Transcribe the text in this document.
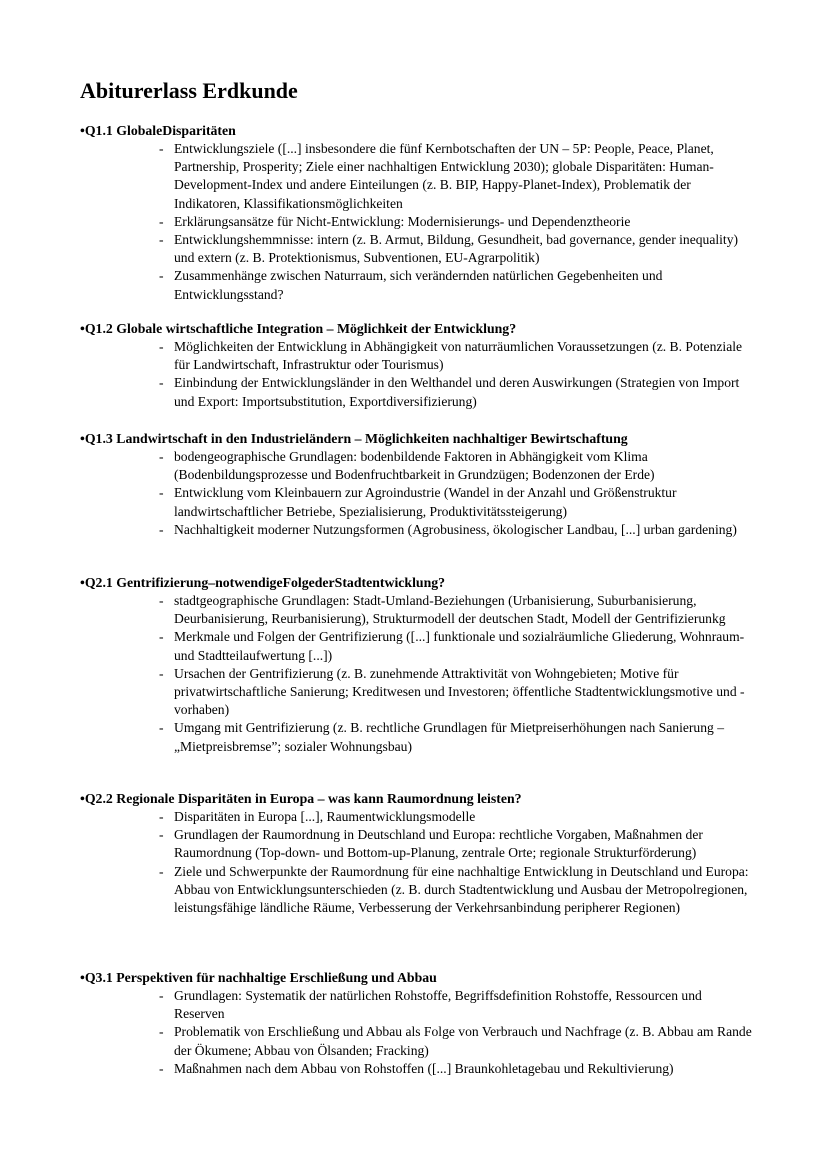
Abiturerlass Erdkunde
•Q1.1 GlobaleDisparitäten
- Entwicklungsziele ([...] insbesondere die fünf Kernbotschaften der UN – 5P: People, Peace, Planet, Partnership, Prosperity; Ziele einer nachhaltigen Entwicklung 2030); globale Disparitäten: Human-Development-Index und andere Einteilungen (z. B. BIP, Happy-Planet-Index), Problematik der Indikatoren, Klassifikationsmöglichkeiten
- Erklärungsansätze für Nicht-Entwicklung: Modernisierungs- und Dependenztheorie
- Entwicklungshemmnisse: intern (z. B. Armut, Bildung, Gesundheit, bad governance, gender inequality) und extern (z. B. Protektionismus, Subventionen, EU-Agrarpolitik)
- Zusammenhänge zwischen Naturraum, sich verändernden natürlichen Gegebenheiten und Entwicklungsstand?
•Q1.2 Globale wirtschaftliche Integration – Möglichkeit der Entwicklung?
- Möglichkeiten der Entwicklung in Abhängigkeit von naturräumlichen Voraussetzungen (z. B. Potenziale für Landwirtschaft, Infrastruktur oder Tourismus)
- Einbindung der Entwicklungsländer in den Welthandel und deren Auswirkungen (Strategien von Import und Export: Importsubstitution, Exportdiversifizierung)
•Q1.3 Landwirtschaft in den Industrieländern – Möglichkeiten nachhaltiger Bewirtschaftung
- bodengeographische Grundlagen: bodenbildende Faktoren in Abhängigkeit vom Klima (Bodenbildungsprozesse und Bodenfruchtbarkeit in Grundzügen; Bodenzonen der Erde)
- Entwicklung vom Kleinbauern zur Agroindustrie (Wandel in der Anzahl und Größenstruktur landwirtschaftlicher Betriebe, Spezialisierung, Produktivitätssteigerung)
- Nachhaltigkeit moderner Nutzungsformen (Agrobusiness, ökologischer Landbau, [...] urban gardening)
•Q2.1 Gentrifizierung–notwendigeFolgederStadtentwicklung?
- stadtgeographische Grundlagen: Stadt-Umland-Beziehungen (Urbanisierung, Suburbanisierung, Deurbanisierung, Reurbanisierung), Strukturmodell der deutschen Stadt, Modell der Gentrifizierunkg
- Merkmale und Folgen der Gentrifizierung ([...] funktionale und sozialräumliche Gliederung, Wohnraum- und Stadtteilaufwertung [...])
- Ursachen der Gentrifizierung (z. B. zunehmende Attraktivität von Wohngebieten; Motive für privatwirtschaftliche Sanierung; Kreditwesen und Investoren; öffentliche Stadtentwicklungsmotive und -vorhaben)
- Umgang mit Gentrifizierung (z. B. rechtliche Grundlagen für Mietpreiserhöhungen nach Sanierung – „Mietpreisbremse”; sozialer Wohnungsbau)
•Q2.2 Regionale Disparitäten in Europa – was kann Raumordnung leisten?
- Disparitäten in Europa [...], Raumentwicklungsmodelle
- Grundlagen der Raumordnung in Deutschland und Europa: rechtliche Vorgaben, Maßnahmen der Raumordnung (Top-down- und Bottom-up-Planung, zentrale Orte; regionale Strukturförderung)
- Ziele und Schwerpunkte der Raumordnung für eine nachhaltige Entwicklung in Deutschland und Europa: Abbau von Entwicklungsunterschieden (z. B. durch Stadtentwicklung und Ausbau der Metropolregionen, leistungsfähige ländliche Räume, Verbesserung der Verkehrsanbindung peripherer Regionen)
•Q3.1 Perspektiven für nachhaltige Erschließung und Abbau
- Grundlagen: Systematik der natürlichen Rohstoffe, Begriffsdefinition Rohstoffe, Ressourcen und Reserven
- Problematik von Erschließung und Abbau als Folge von Verbrauch und Nachfrage (z. B. Abbau am Rande der Ökumene; Abbau von Ölsanden; Fracking)
- Maßnahmen nach dem Abbau von Rohstoffen ([...] Braunkohletagebau und Rekultivierung)
